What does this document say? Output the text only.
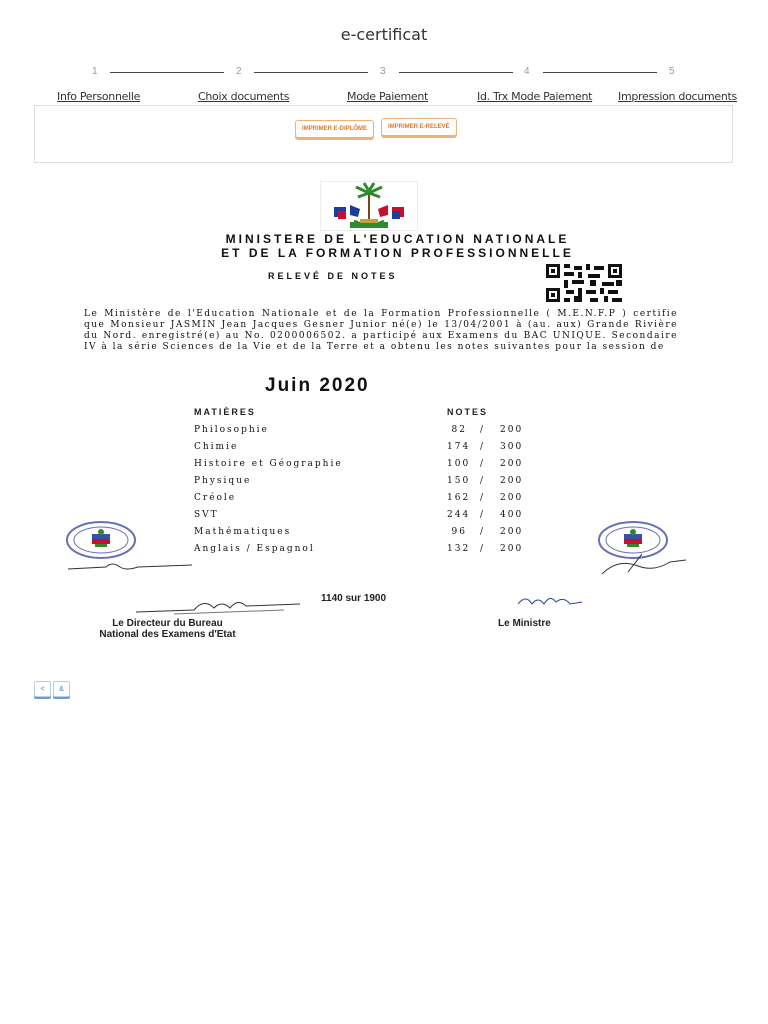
e-certificat
1	2	3	4	5
Info Personnelle	Choix documents	Mode Paiement	Id. Trx Mode Paiement Impression documents
IMPRIMER E-DIPLÔME	IMPRIMER E-RELEVÉ
MINISTERE DE L'EDUCATION NATIONALE
ET DE LA FORMATION PROFESSIONNELLE
RELEVÉ DE NOTES
Le Ministère de l'Education Nationale et de la Formation Professionnelle ( M.E.N.F.P ) certifie que Monsieur JASMIN Jean Jacques Gesner Junior né(e) le 13/04/2001 à (au. aux) Grande Rivière du Nord. enregistré(e) au No. 0200006502. a participé aux Examens du BAC UNIQUE. Secondaire IV à la série Sciences de la Vie et de la Terre et a obtenu les notes suivantes pour la session de
Juin 2020
MATIÈRES	NOTES
Philosophie	82 / 200
Chimie	174 / 300
Histoire et Géographie	100 / 200
Physique	150 / 200
Créole	162 / 200
SVT	244 / 400
Mathématiques	96 / 200
Anglais / Espagnol	132 / 200
1140 sur 1900
Le Directeur du Bureau
National des Examens d'Etat
Le Ministre
<	&
